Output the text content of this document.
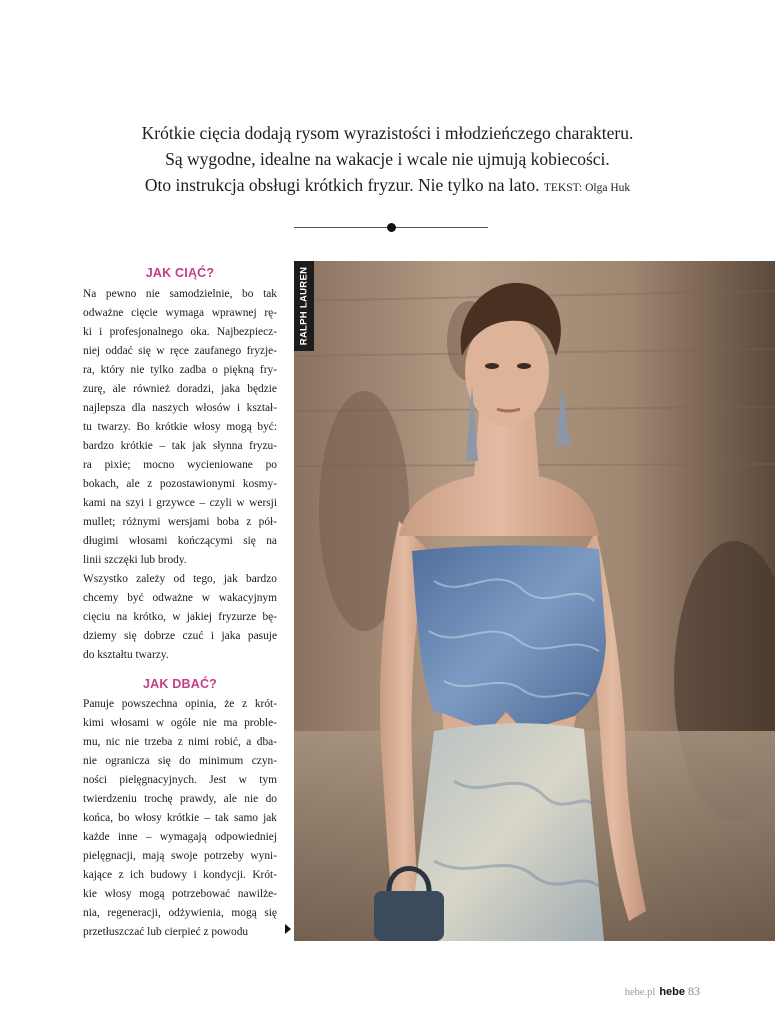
Krótkie cięcia dodają rysom wyrazistości i młodzieńczego charakteru.
Są wygodne, idealne na wakacje i wcale nie ujmują kobiecości.
Oto instrukcja obsługi krótkich fryzur. Nie tylko na lato. TEKST: Olga Huk
JAK CIĄĆ?
Na pewno nie samodzielnie, bo tak
odważne cięcie wymaga wprawnej rę-
ki i profesjonalnego oka. Najbezpiecz-
niej oddać się w ręce zaufanego fryzje-
ra, który nie tylko zadba o piękną fry-
zurę, ale również doradzi, jaka będzie
najlepsza dla naszych włosów i kształ-
tu twarzy. Bo krótkie włosy mogą być:
bardzo krótkie – tak jak słynna fryzu-
ra pixie; mocno wycieniowane po
bokach, ale z pozostawionymi kosmy-
kami na szyi i grzywce – czyli w wersji
mullet; różnymi wersjami boba z pół-
długimi włosami kończącymi się na
linii szczęki lub brody.
Wszystko zależy od tego, jak bardzo
chcemy być odważne w wakacyjnym
cięciu na krótko, w jakiej fryzurze bę-
dziemy się dobrze czuć i jaka pasuje
do kształtu twarzy.
JAK DBAĆ?
Panuje powszechna opinia, że z krót-
kimi włosami w ogóle nie ma proble-
mu, nic nie trzeba z nimi robić, a dba-
nie ogranicza się do minimum czyn-
ności pielęgnacyjnych. Jest w tym
twierdzeniu trochę prawdy, ale nie do
końca, bo włosy krótkie – tak samo jak
każde inne – wymagają odpowiedniej
pielęgnacji, mają swoje potrzeby wyni-
kające z ich budowy i kondycji. Krót-
kie włosy mogą potrzebować nawilże-
nia, regeneracji, odżywienia, mogą się
przetłuszczać lub cierpieć z powodu
RALPH LAUREN
hebe.pl hebe 83
